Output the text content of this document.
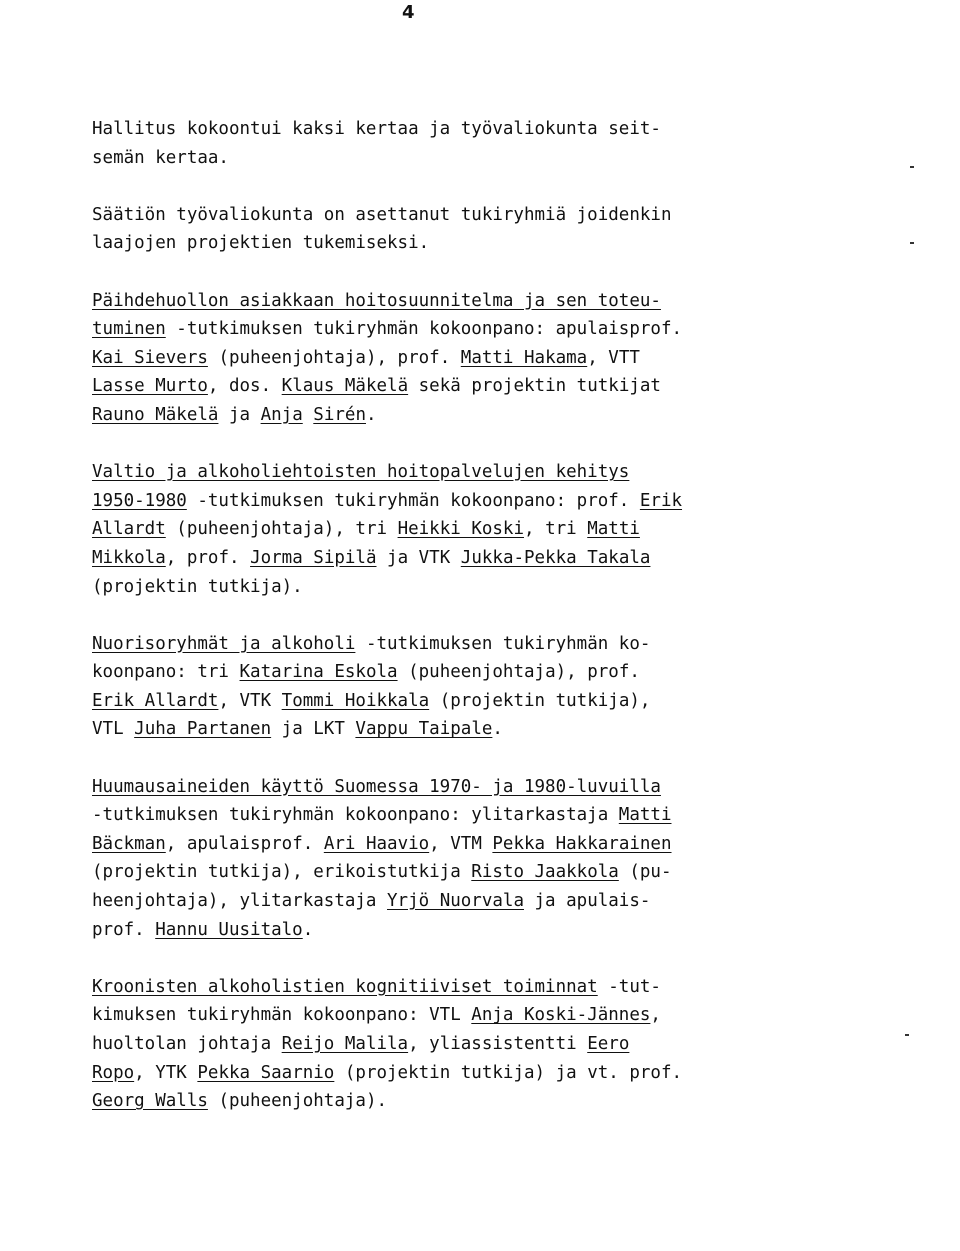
4
Hallitus kokoontui kaksi kertaa ja työvaliokunta seit-
semän kertaa.
Säätiön työvaliokunta on asettanut tukiryhmiä joidenkin
laajojen projektien tukemiseksi.
Päihdehuollon asiakkaan hoitosuunnitelma ja sen toteu-
tuminen -tutkimuksen tukiryhmän kokoonpano: apulaisprof.
Kai Sievers (puheenjohtaja), prof. Matti Hakama, VTT
Lasse Murto, dos. Klaus Mäkelä sekä projektin tutkijat
Rauno Mäkelä ja Anja Sirén.
Valtio ja alkoholiehtoisten hoitopalvelujen kehitys
1950-1980 -tutkimuksen tukiryhmän kokoonpano: prof. Erik
Allardt (puheenjohtaja), tri Heikki Koski, tri Matti
Mikkola, prof. Jorma Sipilä ja VTK Jukka-Pekka Takala
(projektin tutkija).
Nuorisoryhmät ja alkoholi -tutkimuksen tukiryhmän ko-
koonpano: tri Katarina Eskola (puheenjohtaja), prof.
Erik Allardt, VTK Tommi Hoikkala (projektin tutkija),
VTL Juha Partanen ja LKT Vappu Taipale.
Huumausaineiden käyttö Suomessa 1970- ja 1980-luvuilla
-tutkimuksen tukiryhmän kokoonpano: ylitarkastaja Matti
Bäckman, apulaisprof. Ari Haavio, VTM Pekka Hakkarainen
(projektin tutkija), erikoistutkija Risto Jaakkola (pu-
heenjohtaja), ylitarkastaja Yrjö Nuorvala ja apulais-
prof. Hannu Uusitalo.
Kroonisten alkoholistien kognitiiviset toiminnat -tut-
kimuksen tukiryhmän kokoonpano: VTL Anja Koski-Jännes,
huoltolan johtaja Reijo Malila, yliassistentti Eero
Ropo, YTK Pekka Saarnio (projektin tutkija) ja vt. prof.
Georg Walls (puheenjohtaja).
